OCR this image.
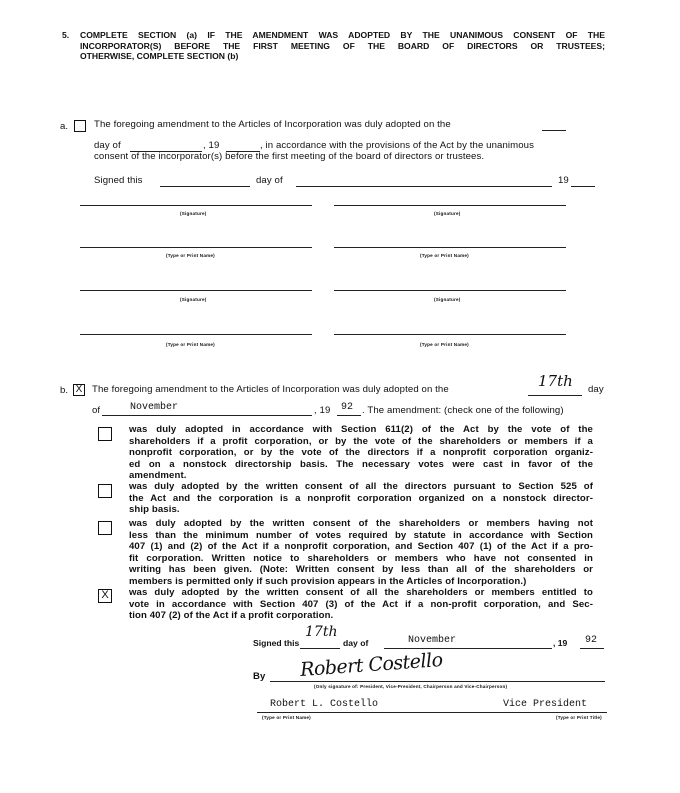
5. COMPLETE SECTION (a) IF THE AMENDMENT WAS ADOPTED BY THE UNANIMOUS CONSENT OF THE
INCORPORATOR(S) BEFORE THE FIRST MEETING OF THE BOARD OF DIRECTORS OR TRUSTEES;
OTHERWISE, COMPLETE SECTION (b)
a.	The foregoing amendment to the Articles of Incorporation was duly adopted on the
day of	, 19	, in accordance with the provisions of the Act by the unanimous
consent of the incorporator(s) before the first meeting of the board of directors or trustees.
Signed this	day of	19
(Signature)	(Signature)
(Type or Print Name)	(Type or Print Name)
(Signature)	(Signature)
(Type or Print Name)	(Type or Print Name)
b. X The foregoing amendment to the Articles of Incorporation was duly adopted on the	17th day
of	November	, 19 92 . The amendment: (check one of the following)
was duly adopted in accordance with Section 611(2) of the Act by the vote of the
shareholders if a profit corporation, or by the vote of the shareholders or members if a
nonprofit corporation, or by the vote of the directors if a nonprofit corporation organiz-
ed on a nonstock directorship basis. The necessary votes were cast in favor of the
amendment.
was duly adopted by the written consent of all the directors pursuant to Section 525 of
the Act and the corporation is a nonprofit corporation organized on a nonstock director-
ship basis.
was duly adopted by the written consent of the shareholders or members having not
less than the minimum number of votes required by statute in accordance with Section
407 (1) and (2) of the Act if a nonprofit corporation, and Section 407 (1) of the Act if a pro-
fit corporation. Written notice to shareholders or members who have not consented in
writing has been given. (Note: Written consent by less than all of the shareholders or
members is permitted only if such provision appears in the Articles of Incorporation.)
X	was duly adopted by the written consent of all the shareholders or members entitled to
vote in accordance with Section 407 (3) of the Act if a non-profit corporation, and Sec-
tion 407 (2) of the Act if a profit corporation.
Signed this
17th
day of	November	, 19 92
By Robert Costello
(Only signature of: President, Vice-President, Chairperson and Vice-Chairperson)
Robert L. Costello	Vice President
(Type or Print Name)	(Type or Print Title)
